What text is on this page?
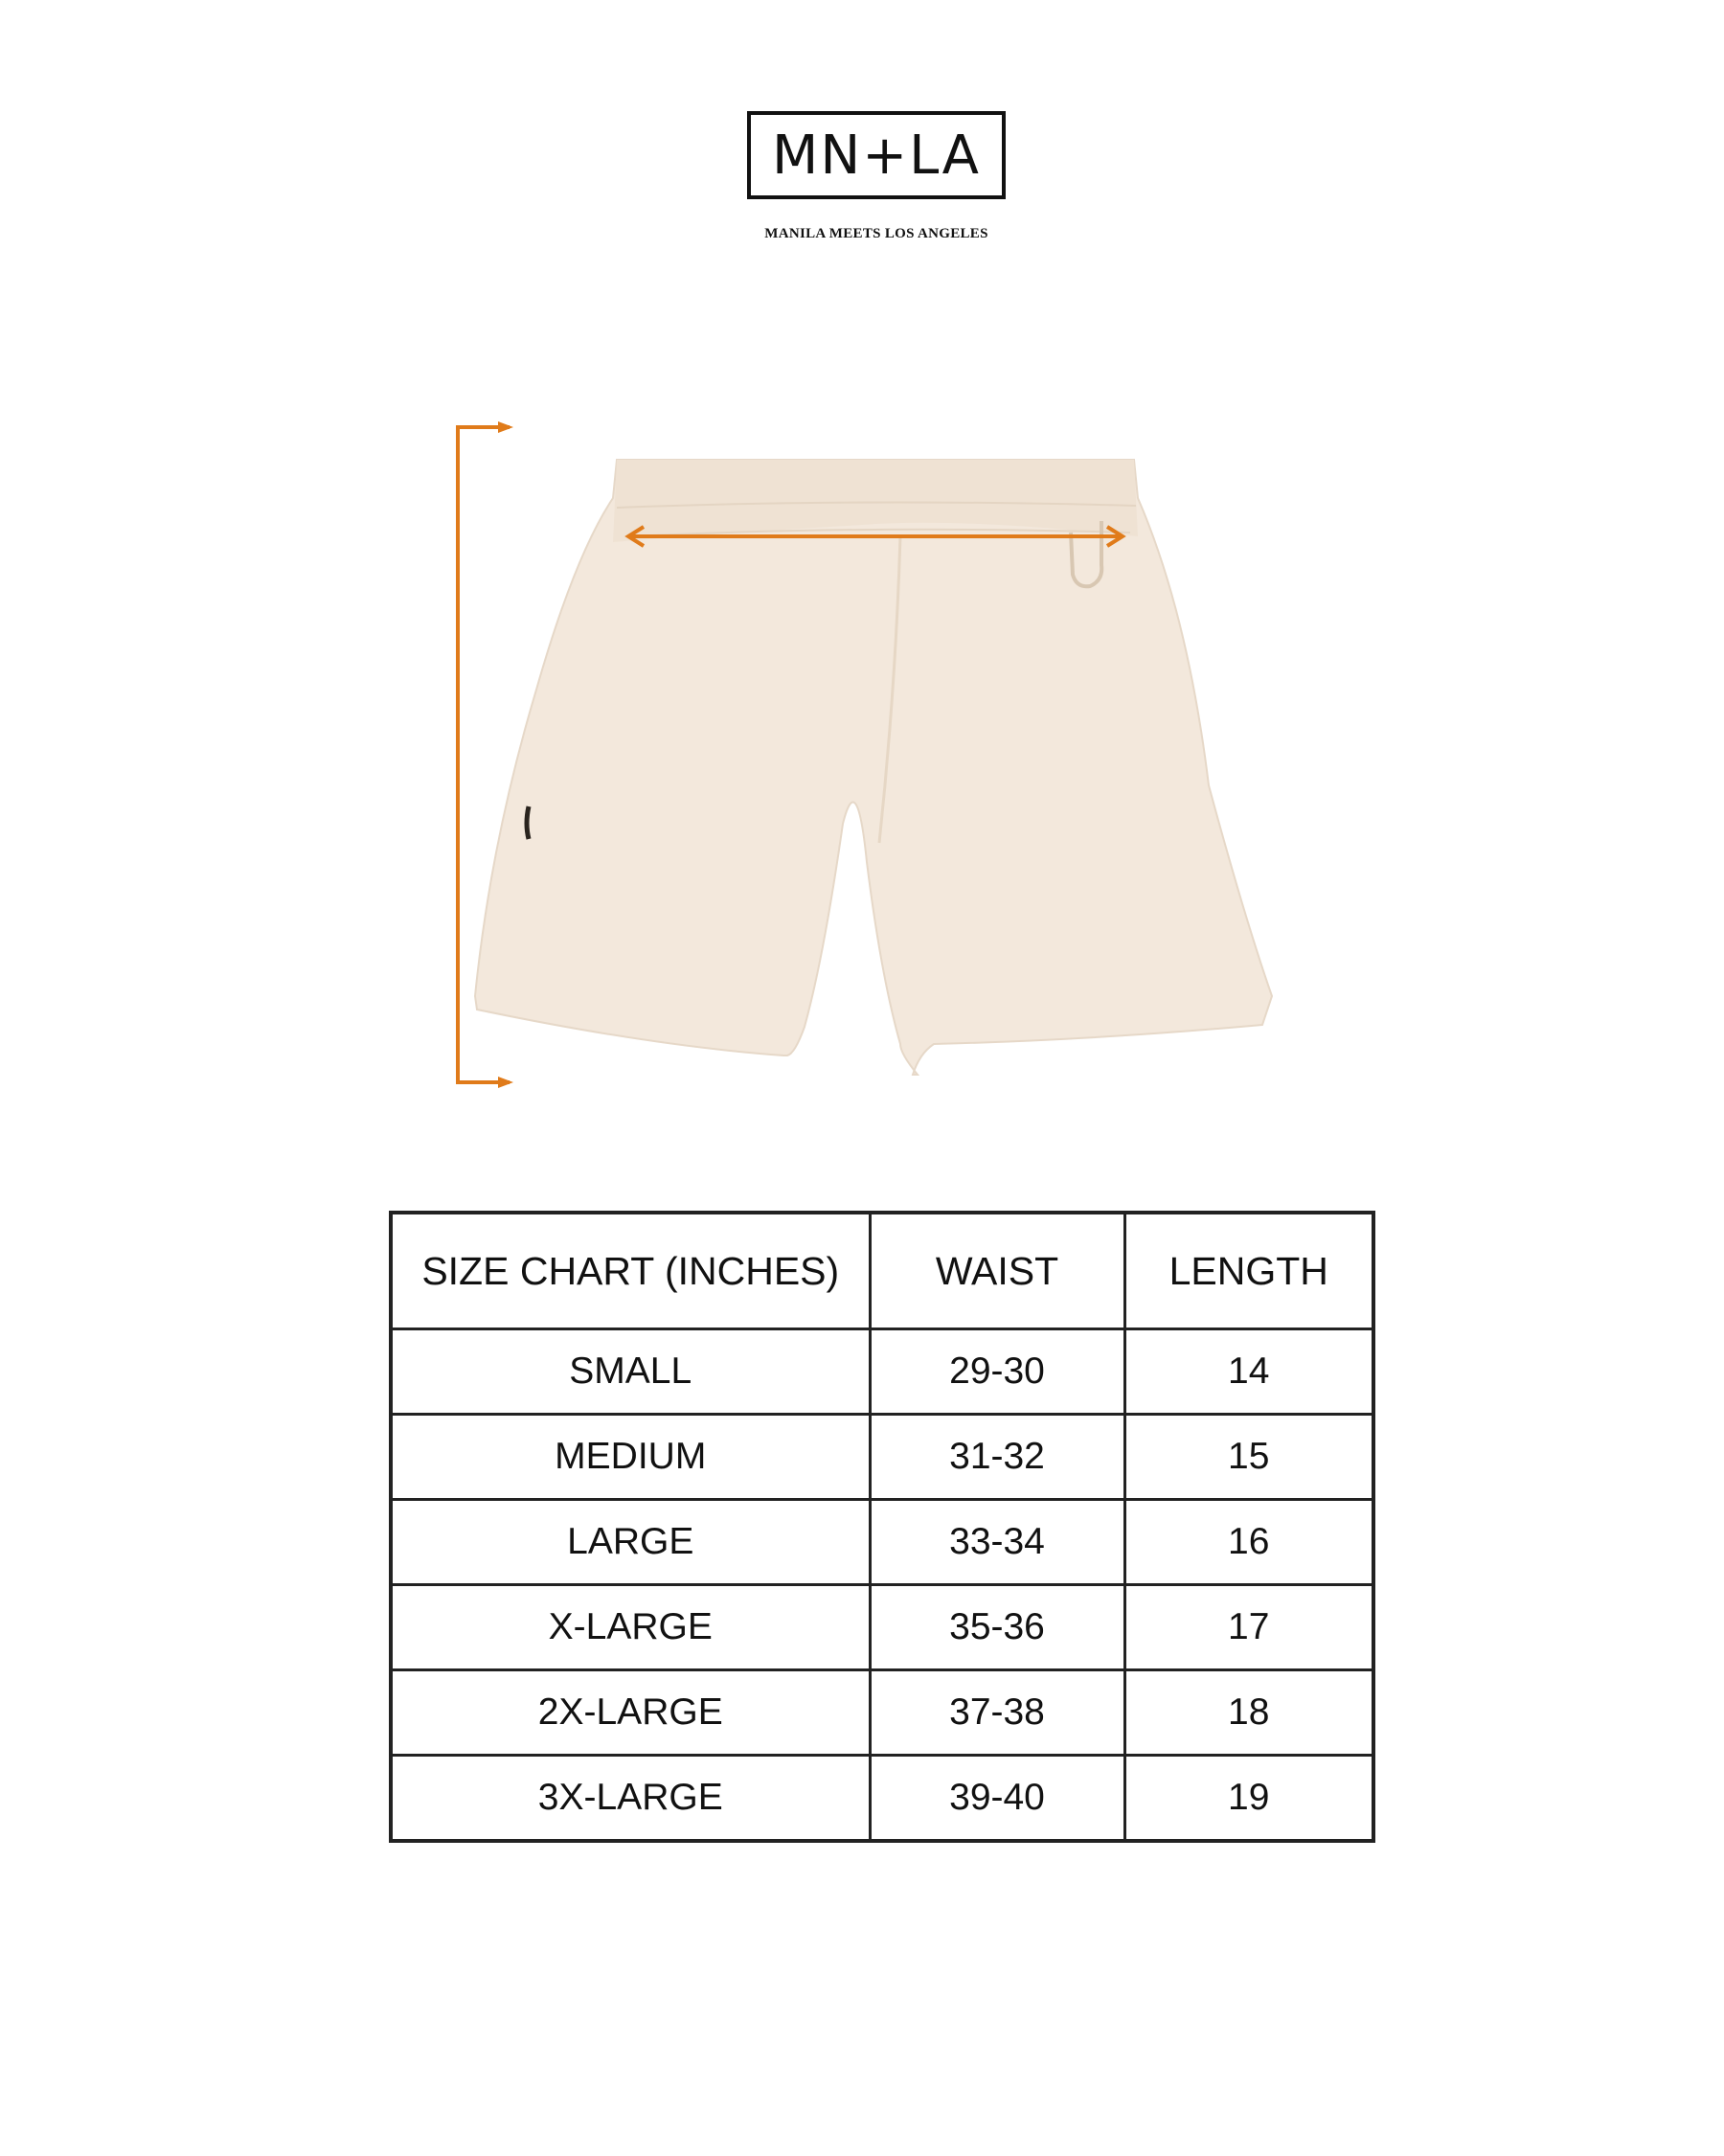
MN+LA
MANILA MEETS LOS ANGELES
SIZE CHART (INCHES)	WAIST	LENGTH
SMALL	29-30	14
MEDIUM	31-32	15
LARGE	33-34	16
X-LARGE	35-36	17
2X-LARGE	37-38	18
3X-LARGE	39-40	19
